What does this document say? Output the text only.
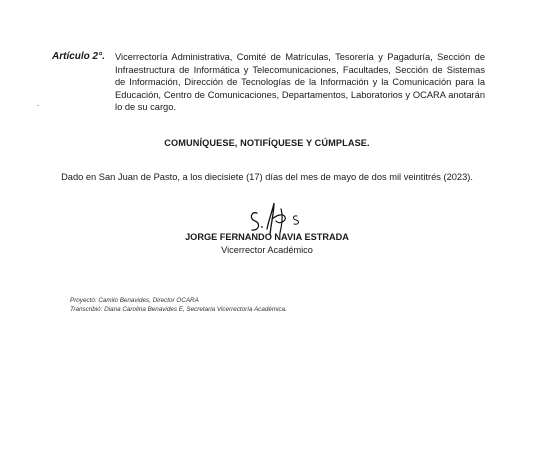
Artículo 2°. Vicerrectoría Administrativa, Comité de Matrículas, Tesorería y Pagaduría, Sección de Infraestructura de Informática y Telecomunicaciones, Facultades, Sección de Sistemas de Información, Dirección de Tecnologías de la Información y la Comunicación para la Educación, Centro de Comunicaciones, Departamentos, Laboratorios y OCARA anotarán lo de su cargo.
.
COMUNÍQUESE, NOTIFÍQUESE Y CÚMPLASE.
Dado en San Juan de Pasto, a los diecisiete (17) días del mes de mayo de dos mil veintitrés (2023).
JORGE FERNANDO NAVIA ESTRADA
Vicerrector Académico
Proyectó: Camilo Benavides, Director OCARA
Transcribió: Diana Carolina Benavides E, Secretaria Vicerrectoría Académica.
